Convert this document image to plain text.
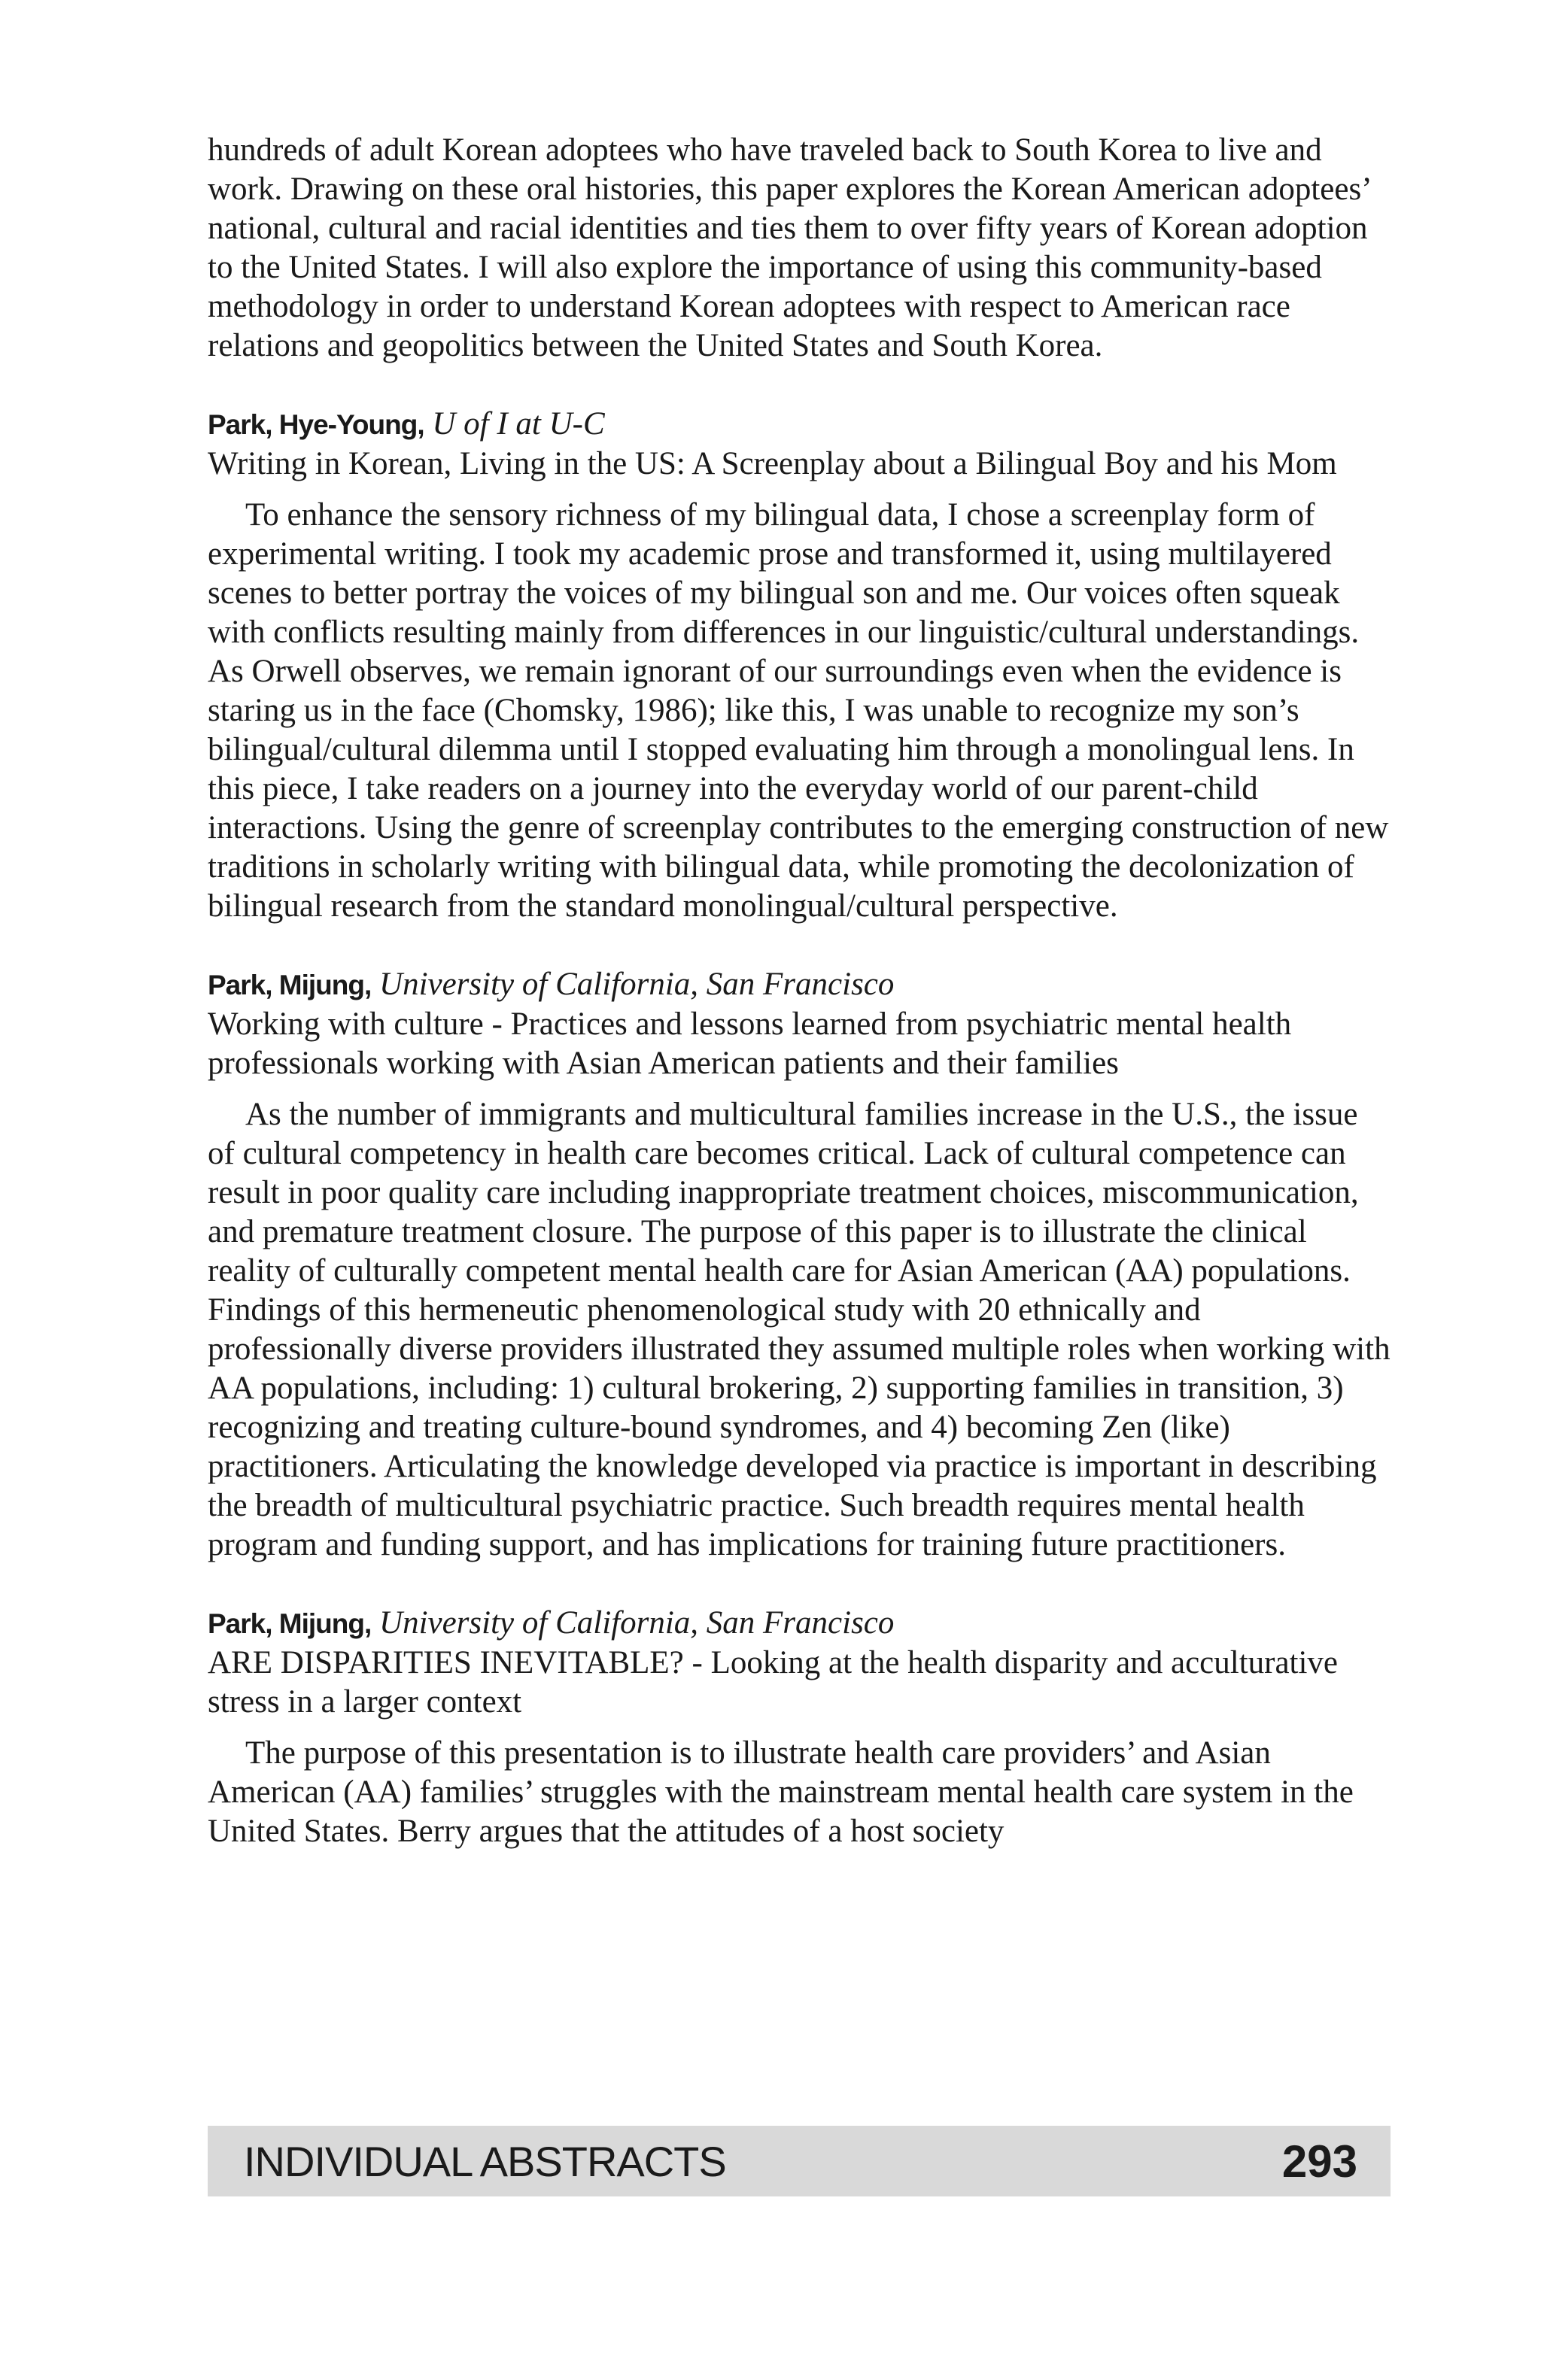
hundreds of adult Korean adoptees who have traveled back to South Korea to live and work. Drawing on these oral histories, this paper explores the Korean American adoptees’ national, cultural and racial identities and ties them to over fifty years of Korean adoption to the United States. I will also explore the importance of using this community-based methodology in order to understand Korean adoptees with respect to American race relations and geopolitics between the United States and South Korea.

Park, Hye-Young, U of I at U-C

Writing in Korean, Living in the US: A Screenplay about a Bilingual Boy and his Mom

To enhance the sensory richness of my bilingual data, I chose a screenplay form of experimental writing. I took my academic prose and transformed it, using multilayered scenes to better portray the voices of my bilingual son and me. Our voices often squeak with conflicts resulting mainly from differences in our linguistic/cultural understandings. As Orwell observes, we remain ignorant of our surroundings even when the evidence is staring us in the face (Chomsky, 1986); like this, I was unable to recognize my son’s bilingual/cultural dilemma until I stopped evaluating him through a monolingual lens. In this piece, I take readers on a journey into the everyday world of our parent-child interactions. Using the genre of screenplay contributes to the emerging construction of new traditions in scholarly writing with bilingual data, while promoting the decolonization of bilingual research from the standard monolingual/cultural perspective.

Park, Mijung, University of California, San Francisco

Working with culture - Practices and lessons learned from psychiatric mental health professionals working with Asian American patients and their families

As the number of immigrants and multicultural families increase in the U.S., the issue of cultural competency in health care becomes critical. Lack of cultural competence can result in poor quality care including inappropriate treatment choices, miscommunication, and premature treatment closure. The purpose of this paper is to illustrate the clinical reality of culturally competent mental health care for Asian American (AA) populations. Findings of this hermeneutic phenomenological study with 20 ethnically and professionally diverse providers illustrated they assumed multiple roles when working with AA populations, including: 1) cultural brokering, 2) supporting families in transition, 3) recognizing and treating culture-bound syndromes, and 4) becoming Zen (like) practitioners. Articulating the knowledge developed via practice is important in describing the breadth of multicultural psychiatric practice. Such breadth requires mental health program and funding support, and has implications for training future practitioners.

Park, Mijung, University of California, San Francisco

ARE DISPARITIES INEVITABLE? - Looking at the health disparity and acculturative stress in a larger context

The purpose of this presentation is to illustrate health care providers’ and Asian American (AA) families’ struggles with the mainstream mental health care system in the United States. Berry argues that the attitudes of a host society

INDIVIDUAL ABSTRACTS	293
